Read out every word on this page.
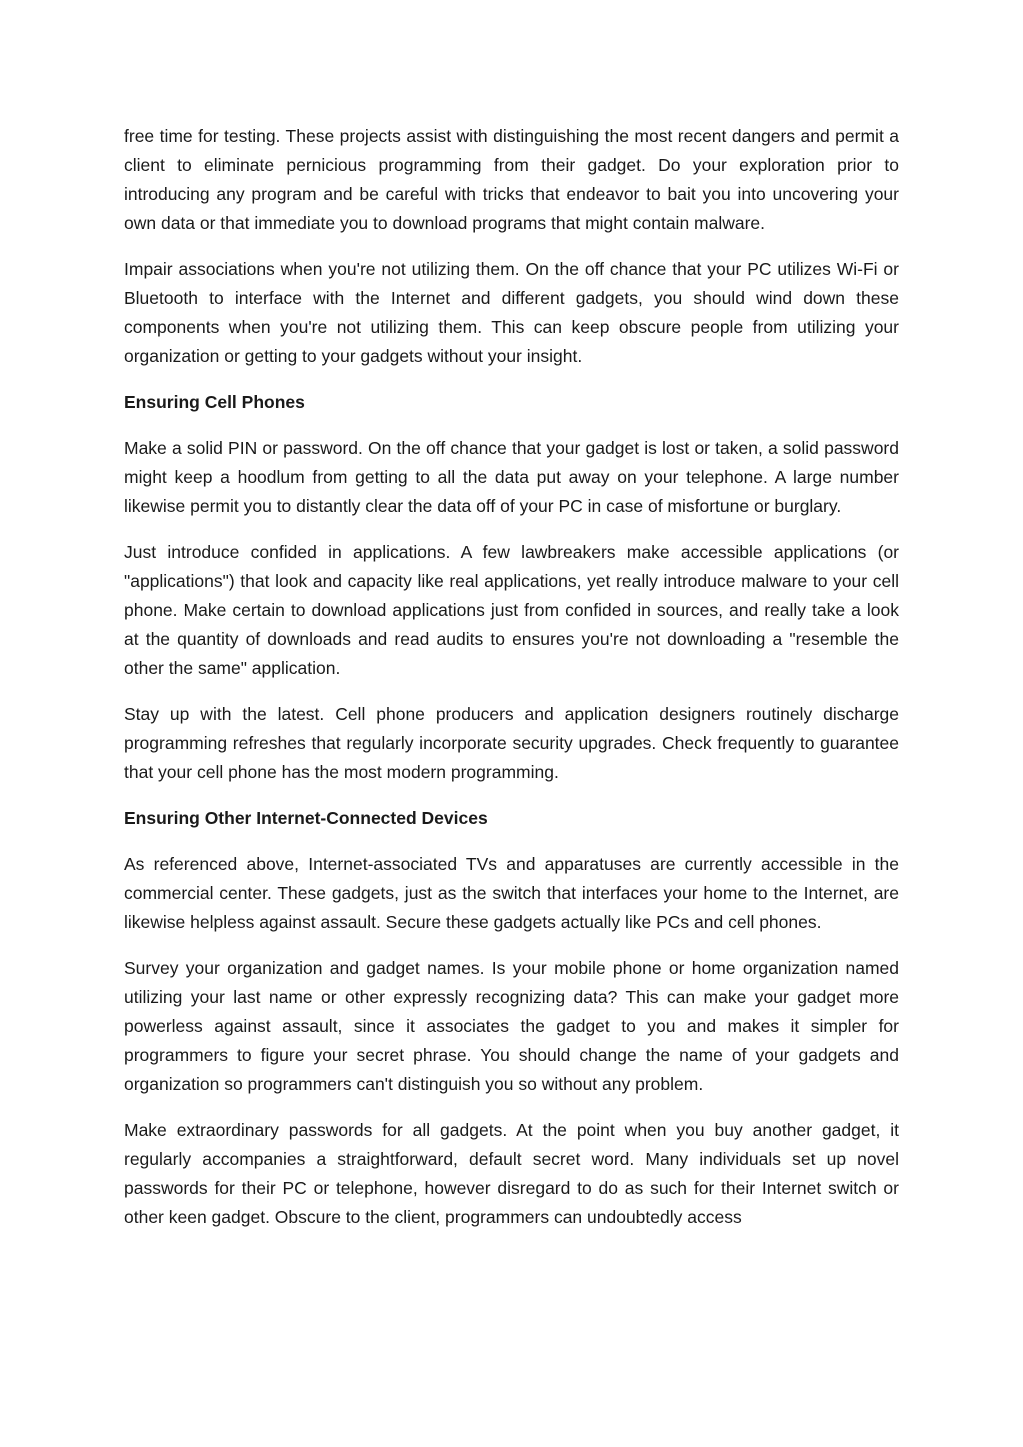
free time for testing. These projects assist with distinguishing the most recent dangers and permit a client to eliminate pernicious programming from their gadget. Do your exploration prior to introducing any program and be careful with tricks that endeavor to bait you into uncovering your own data or that immediate you to download programs that might contain malware.

Impair associations when you're not utilizing them. On the off chance that your PC utilizes Wi-Fi or Bluetooth to interface with the Internet and different gadgets, you should wind down these components when you're not utilizing them. This can keep obscure people from utilizing your organization or getting to your gadgets without your insight.

Ensuring Cell Phones

Make a solid PIN or password. On the off chance that your gadget is lost or taken, a solid password might keep a hoodlum from getting to all the data put away on your telephone. A large number likewise permit you to distantly clear the data off of your PC in case of misfortune or burglary.

Just introduce confided in applications. A few lawbreakers make accessible applications (or "applications") that look and capacity like real applications, yet really introduce malware to your cell phone. Make certain to download applications just from confided in sources, and really take a look at the quantity of downloads and read audits to ensures you're not downloading a "resemble the other the same" application.

Stay up with the latest. Cell phone producers and application designers routinely discharge programming refreshes that regularly incorporate security upgrades. Check frequently to guarantee that your cell phone has the most modern programming.

Ensuring Other Internet-Connected Devices

As referenced above, Internet-associated TVs and apparatuses are currently accessible in the commercial center. These gadgets, just as the switch that interfaces your home to the Internet, are likewise helpless against assault. Secure these gadgets actually like PCs and cell phones.

Survey your organization and gadget names. Is your mobile phone or home organization named utilizing your last name or other expressly recognizing data? This can make your gadget more powerless against assault, since it associates the gadget to you and makes it simpler for programmers to figure your secret phrase. You should change the name of your gadgets and organization so programmers can't distinguish you so without any problem.

Make extraordinary passwords for all gadgets. At the point when you buy another gadget, it regularly accompanies a straightforward, default secret word. Many individuals set up novel passwords for their PC or telephone, however disregard to do as such for their Internet switch or other keen gadget. Obscure to the client, programmers can undoubtedly access
